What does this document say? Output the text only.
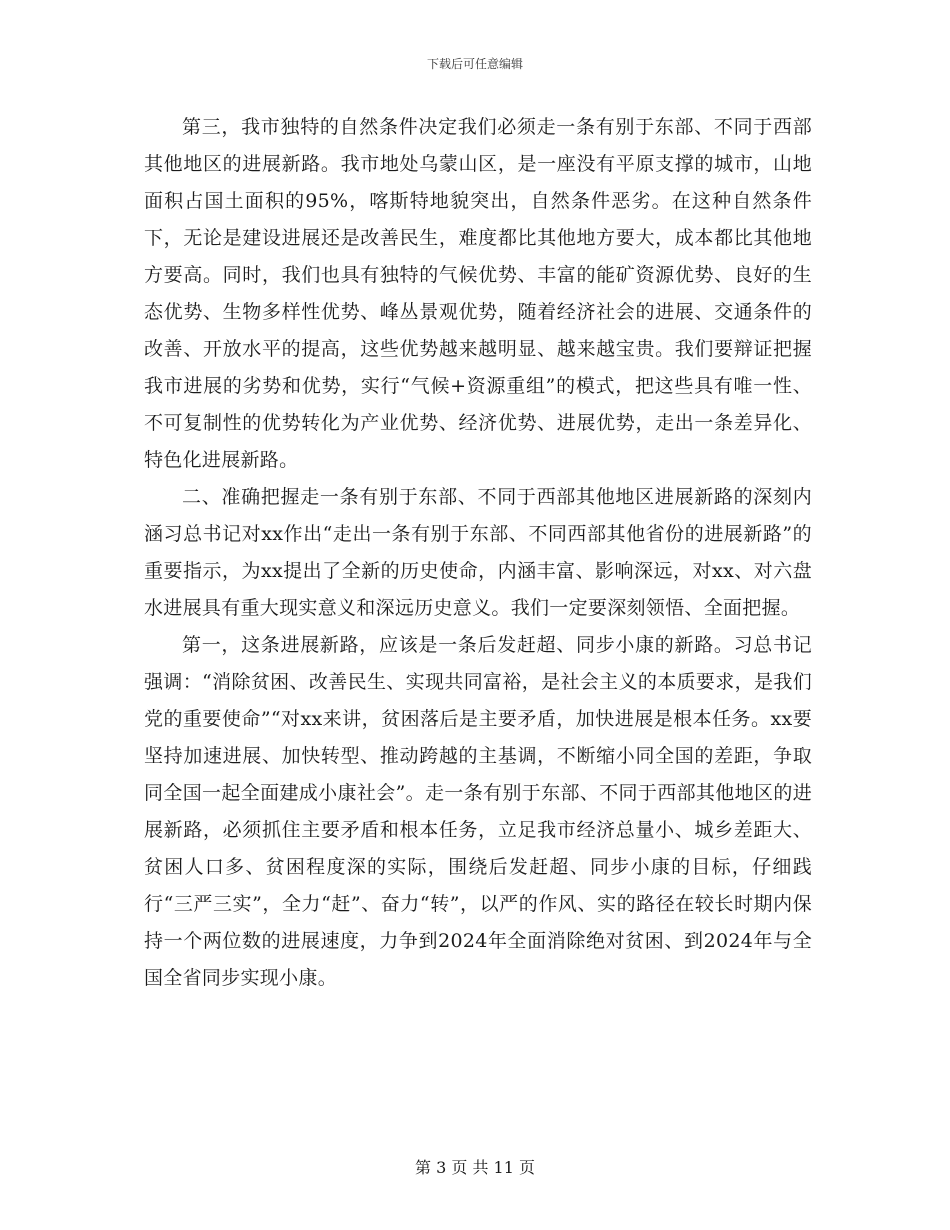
下载后可任意编辑

第三，我市独特的自然条件决定我们必须走一条有别于东部、不同于西部其他地区的进展新路。我市地处乌蒙山区，是一座没有平原支撑的城市，山地面积占国土面积的95%，喀斯特地貌突出，自然条件恶劣。在这种自然条件下，无论是建设进展还是改善民生，难度都比其他地方要大，成本都比其他地方要高。同时，我们也具有独特的气候优势、丰富的能矿资源优势、良好的生态优势、生物多样性优势、峰丛景观优势，随着经济社会的进展、交通条件的改善、开放水平的提高，这些优势越来越明显、越来越宝贵。我们要辩证把握我市进展的劣势和优势，实行“气候+资源重组”的模式，把这些具有唯一性、不可复制性的优势转化为产业优势、经济优势、进展优势，走出一条差异化、特色化进展新路。

二、准确把握走一条有别于东部、不同于西部其他地区进展新路的深刻内涵习总书记对xx作出“走出一条有别于东部、不同西部其他省份的进展新路”的重要指示，为xx提出了全新的历史使命，内涵丰富、影响深远，对xx、对六盘水进展具有重大现实意义和深远历史意义。我们一定要深刻领悟、全面把握。

第一，这条进展新路，应该是一条后发赶超、同步小康的新路。习总书记强调：“消除贫困、改善民生、实现共同富裕，是社会主义的本质要求，是我们党的重要使命”“对xx来讲，贫困落后是主要矛盾，加快进展是根本任务。xx要坚持加速进展、加快转型、推动跨越的主基调，不断缩小同全国的差距，争取同全国一起全面建成小康社会”。走一条有别于东部、不同于西部其他地区的进展新路，必须抓住主要矛盾和根本任务，立足我市经济总量小、城乡差距大、贫困人口多、贫困程度深的实际，围绕后发赶超、同步小康的目标，仔细践行“三严三实”，全力“赶”、奋力“转”，以严的作风、实的路径在较长时期内保持一个两位数的进展速度，力争到2024年全面消除绝对贫困、到2024年与全国全省同步实现小康。

第 3 页 共 11 页
